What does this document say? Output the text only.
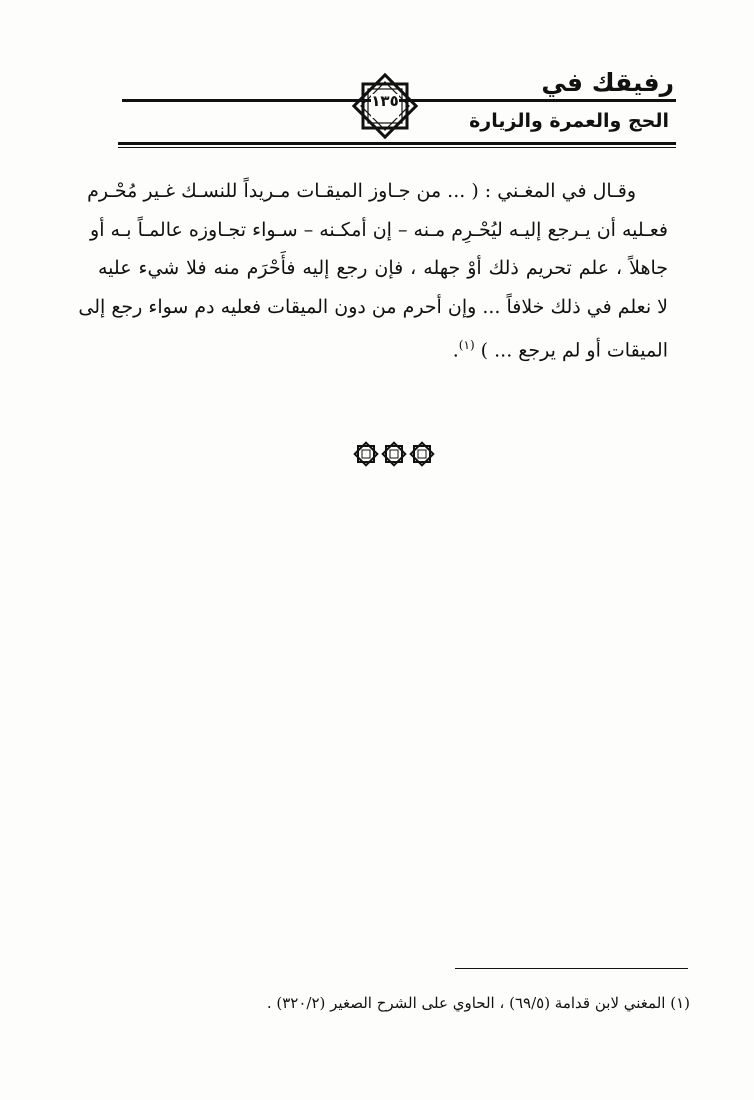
رفيقك في
١٣٥
الحج والعمرة والزيارة

وقـال في المغـني : ( ... من جـاوز الميقـات مـريداً للنسـك غـير مُحْـرم

فعـليه أن يـرجع إليـه ليُحْـرِم مـنه – إن أمكـنه – سـواء تجـاوزه عالمـاً بـه أو

جاهلاً ، علم تحريم ذلك أوْ جهله ، فإن رجع إليه فأَحْرَم منه فلا شيء عليه

لا نعلم في ذلك خلافاً ... وإن أحرم من دون الميقات فعليه دم سواء رجع إلى

الميقات أو لم يرجع ... ) $^{(١)}$.

(١) المغني لابن قدامة (٦٩/٥) ، الحاوي على الشرح الصغير (٣٢٠/٢) .
